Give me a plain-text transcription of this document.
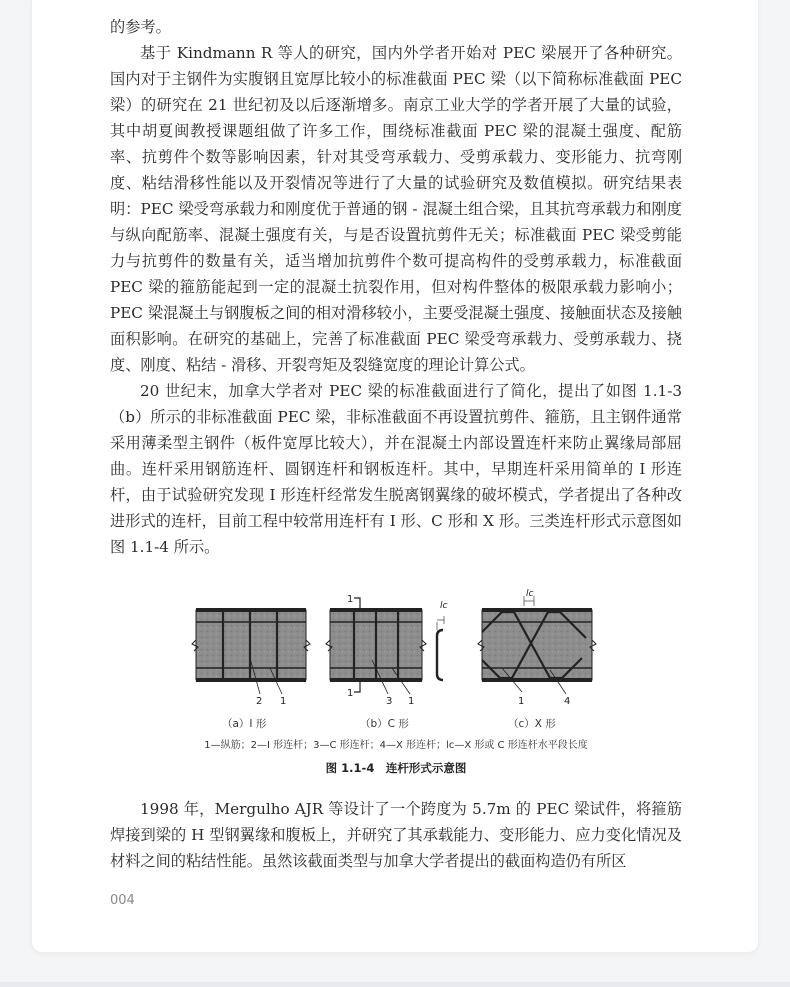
的参考。

基于 Kindmann R 等人的研究，国内外学者开始对 PEC 梁展开了各种研究。国内对于主钢件为实腹钢且宽厚比较小的标准截面 PEC 梁（以下简称标准截面 PEC 梁）的研究在 21 世纪初及以后逐渐增多。南京工业大学的学者开展了大量的试验，其中胡夏闽教授课题组做了许多工作，围绕标准截面 PEC 梁的混凝土强度、配筋率、抗剪件个数等影响因素，针对其受弯承载力、受剪承载力、变形能力、抗弯刚度、粘结滑移性能以及开裂情况等进行了大量的试验研究及数值模拟。研究结果表明：PEC 梁受弯承载力和刚度优于普通的钢 - 混凝土组合梁，且其抗弯承载力和刚度与纵向配筋率、混凝土强度有关，与是否设置抗剪件无关；标准截面 PEC 梁受剪能力与抗剪件的数量有关，适当增加抗剪件个数可提高构件的受剪承载力，标准截面 PEC 梁的箍筋能起到一定的混凝土抗裂作用，但对构件整体的极限承载力影响小；PEC 梁混凝土与钢腹板之间的相对滑移较小，主要受混凝土强度、接触面状态及接触面积影响。在研究的基础上，完善了标准截面 PEC 梁受弯承载力、受剪承载力、挠度、刚度、粘结 - 滑移、开裂弯矩及裂缝宽度的理论计算公式。

20 世纪末，加拿大学者对 PEC 梁的标准截面进行了简化，提出了如图 1.1-3（b）所示的非标准截面 PEC 梁，非标准截面不再设置抗剪件、箍筋，且主钢件通常采用薄柔型主钢件（板件宽厚比较大），并在混凝土内部设置连杆来防止翼缘局部屈曲。连杆采用钢筋连杆、圆钢连杆和钢板连杆。其中，早期连杆采用简单的 I 形连杆，由于试验研究发现 I 形连杆经常发生脱离钢翼缘的破坏模式，学者提出了各种改进形式的连杆，目前工程中较常用连杆有 I 形、C 形和 X 形。三类连杆形式示意图如图 1.1-4 所示。

2 1
1
1
lc
3 1
lc
1	4
（a）I 形	（b）C 形	（c）X 形
1—纵筋；2—I 形连杆；3—C 形连杆；4—X 形连杆；lc—X 形或 C 形连杆水平段长度
图 1.1-4　连杆形式示意图

1998 年，Mergulho AJR 等设计了一个跨度为 5.7m 的 PEC 梁试件，将箍筋焊接到梁的 H 型钢翼缘和腹板上，并研究了其承载能力、变形能力、应力变化情况及材料之间的粘结性能。虽然该截面类型与加拿大学者提出的截面构造仍有所区

004
